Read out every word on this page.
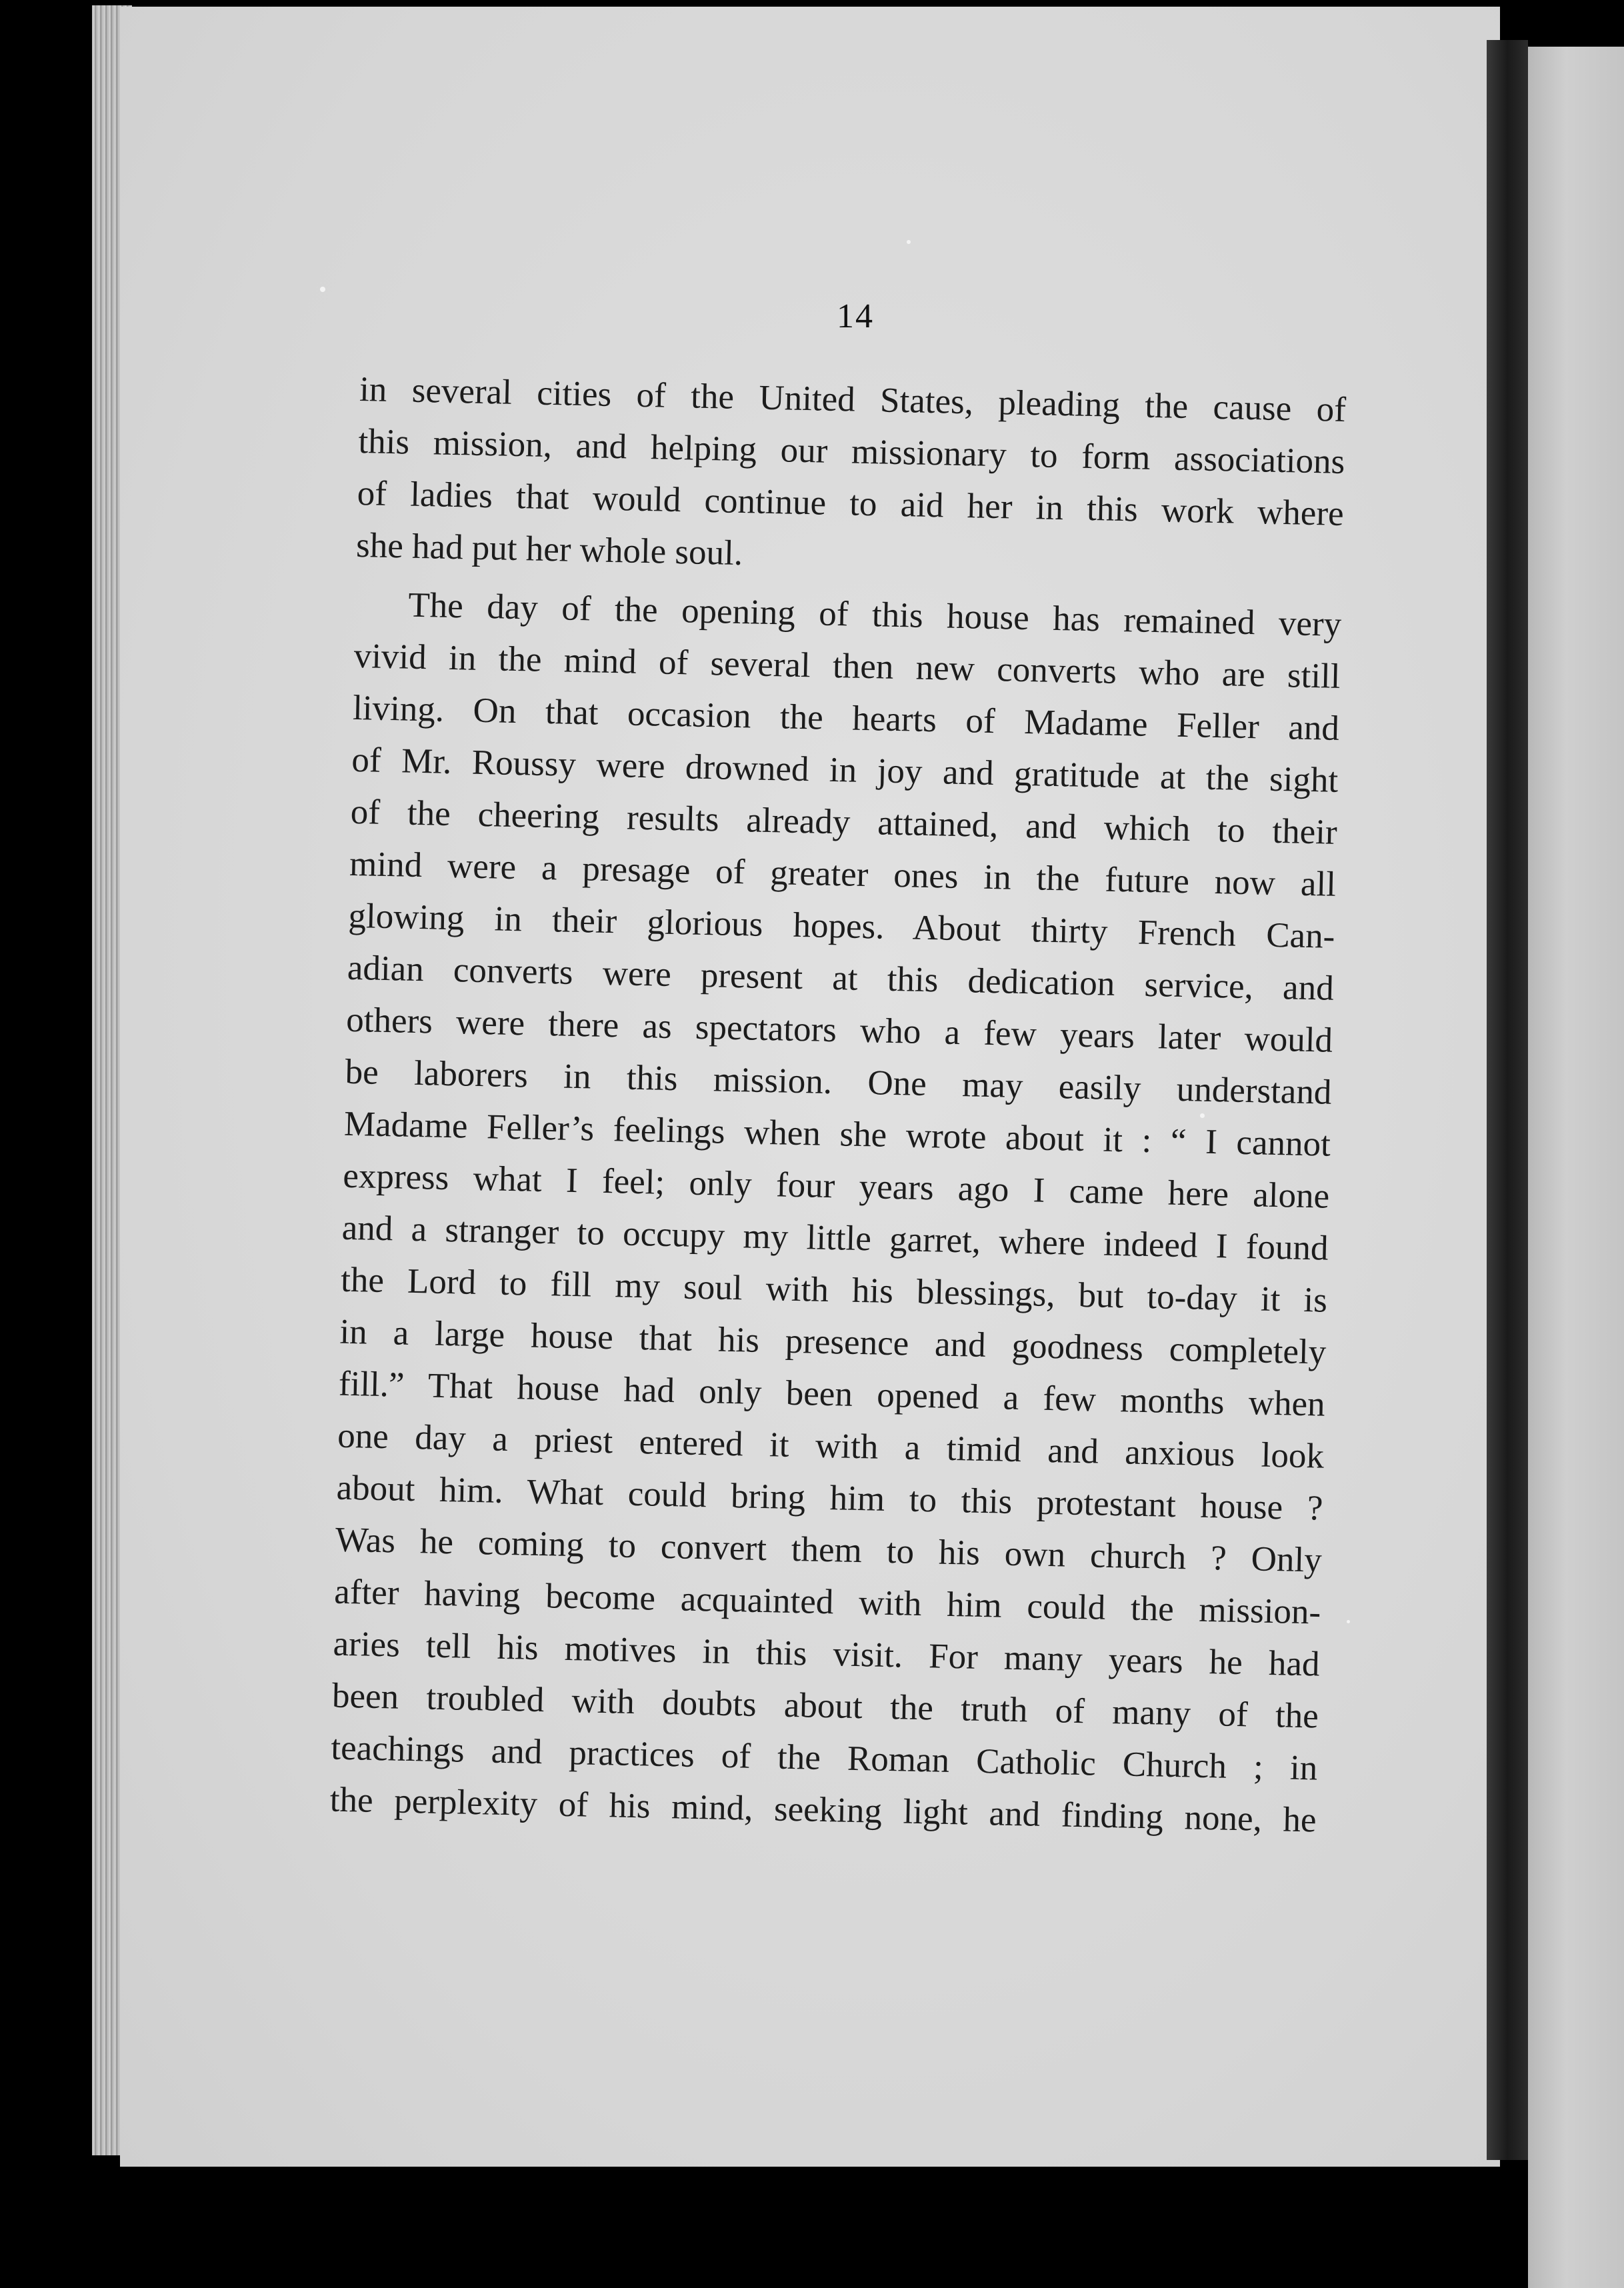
14
in several cities of the United States, pleading the cause of
this mission, and helping our missionary to form associations
of ladies that would continue to aid her in this work where
she had put her whole soul.
The day of the opening of this house has remained very
vivid in the mind of several then new converts who are still
living. On that occasion the hearts of Madame Feller and
of Mr. Roussy were drowned in joy and gratitude at the sight
of the cheering results already attained, and which to their
mind were a presage of greater ones in the future now all
glowing in their glorious hopes. About thirty French Can-
adian converts were present at this dedication service, and
others were there as spectators who a few years later would
be laborers in this mission. One may easily understand
Madame Feller’s feelings when she wrote about it : “ I cannot
express what I feel; only four years ago I came here alone
and a stranger to occupy my little garret, where indeed I found
the Lord to fill my soul with his blessings, but to-day it is
in a large house that his presence and goodness completely
fill.” That house had only been opened a few months when
one day a priest entered it with a timid and anxious look
about him. What could bring him to this protestant house ?
Was he coming to convert them to his own church ? Only
after having become acquainted with him could the mission-
aries tell his motives in this visit. For many years he had
been troubled with doubts about the truth of many of the
teachings and practices of the Roman Catholic Church ; in
the perplexity of his mind, seeking light and finding none, he
